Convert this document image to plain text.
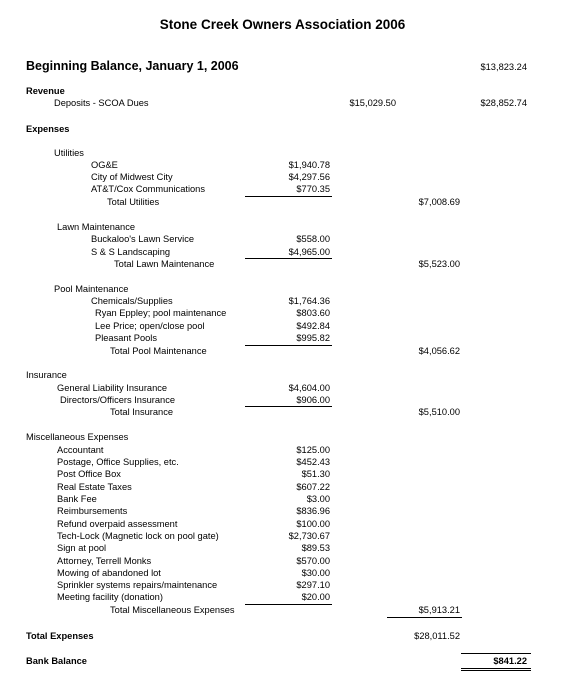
Stone Creek Owners Association 2006
Beginning Balance, January 1, 2006	$13,823.24
Revenue
Deposits - SCOA Dues	$15,029.50	$28,852.74
Expenses
Utilities
OG&E	$1,940.78
City of Midwest City	$4,297.56
AT&T/Cox Communications	$770.35
Total Utilities	$7,008.69
Lawn Maintenance
Buckaloo's Lawn Service	$558.00
S & S Landscaping	$4,965.00
Total Lawn Maintenance	$5,523.00
Pool Maintenance
Chemicals/Supplies	$1,764.36
Ryan Eppley; pool maintenance	$803.60
Lee Price; open/close pool	$492.84
Pleasant Pools	$995.82
Total Pool Maintenance	$4,056.62
Insurance
General Liability Insurance	$4,604.00
Directors/Officers Insurance	$906.00
Total Insurance	$5,510.00
Miscellaneous Expenses
Accountant	$125.00
Postage, Office Supplies, etc.	$452.43
Post Office Box	$51.30
Real Estate Taxes	$607.22
Bank Fee	$3.00
Reimbursements	$836.96
Refund overpaid assessment	$100.00
Tech-Lock (Magnetic lock on pool gate)	$2,730.67
Sign at pool	$89.53
Attorney, Terrell Monks	$570.00
Mowing of abandoned lot	$30.00
Sprinkler systems repairs/maintenance	$297.10
Meeting facility (donation)	$20.00
Total Miscellaneous Expenses	$5,913.21
Total Expenses	$28,011.52
Bank Balance	$841.22
